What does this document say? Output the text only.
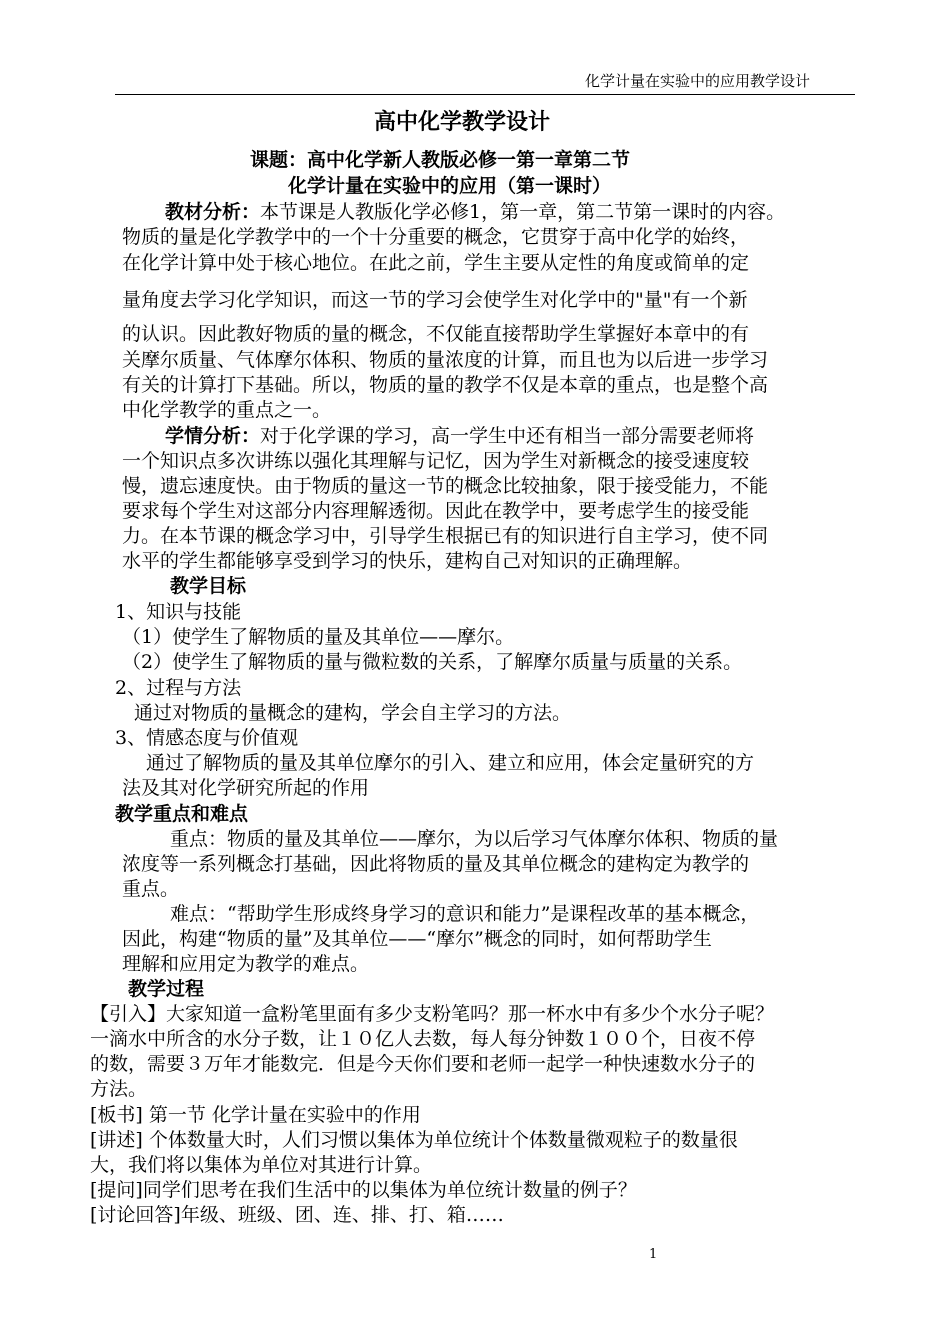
化学计量在实验中的应用教学设计
高中化学教学设计
课题：高中化学新人教版必修一第一章第二节
化学计量在实验中的应用（第一课时）
教材分析：本节课是人教版化学必修1，第一章，第二节第一课时的内容。
物质的量是化学教学中的一个十分重要的概念，它贯穿于高中化学的始终，
在化学计算中处于核心地位。在此之前，学生主要从定性的角度或简单的定
量角度去学习化学知识，而这一节的学习会使学生对化学中的"量"有一个新
的认识。因此教好物质的量的概念，不仅能直接帮助学生掌握好本章中的有
关摩尔质量、气体摩尔体积、物质的量浓度的计算，而且也为以后进一步学习
有关的计算打下基础。所以，物质的量的教学不仅是本章的重点，也是整个高
中化学教学的重点之一。
学情分析：对于化学课的学习，高一学生中还有相当一部分需要老师将
一个知识点多次讲练以强化其理解与记忆，因为学生对新概念的接受速度较
慢，遗忘速度快。由于物质的量这一节的概念比较抽象，限于接受能力，不能
要求每个学生对这部分内容理解透彻。因此在教学中，要考虑学生的接受能
力。在本节课的概念学习中，引导学生根据已有的知识进行自主学习，使不同
水平的学生都能够享受到学习的快乐，建构自己对知识的正确理解。
教学目标
1、知识与技能
（1）使学生了解物质的量及其单位——摩尔。
（2）使学生了解物质的量与微粒数的关系，了解摩尔质量与质量的关系。
2、过程与方法
通过对物质的量概念的建构，学会自主学习的方法。
3、情感态度与价值观
通过了解物质的量及其单位摩尔的引入、建立和应用，体会定量研究的方
法及其对化学研究所起的作用
教学重点和难点
重点：物质的量及其单位——摩尔，为以后学习气体摩尔体积、物质的量
浓度等一系列概念打基础，因此将物质的量及其单位概念的建构定为教学的
重点。
难点：“帮助学生形成终身学习的意识和能力”是课程改革的基本概念，
因此，构建“物质的量”及其单位——“摩尔”概念的同时，如何帮助学生
理解和应用定为教学的难点。
教学过程
【引入】大家知道一盒粉笔里面有多少支粉笔吗？那一杯水中有多少个水分子呢？
一滴水中所含的水分子数，让１０亿人去数，每人每分钟数１００个，日夜不停
的数，需要３万年才能数完．但是今天你们要和老师一起学一种快速数水分子的
方法。
[板书] 第一节 化学计量在实验中的作用
[讲述] 个体数量大时，人们习惯以集体为单位统计个体数量微观粒子的数量很
大，我们将以集体为单位对其进行计算。
[提问]同学们思考在我们生活中的以集体为单位统计数量的例子？
[讨论回答]年级、班级、团、连、排、打、箱……
1
